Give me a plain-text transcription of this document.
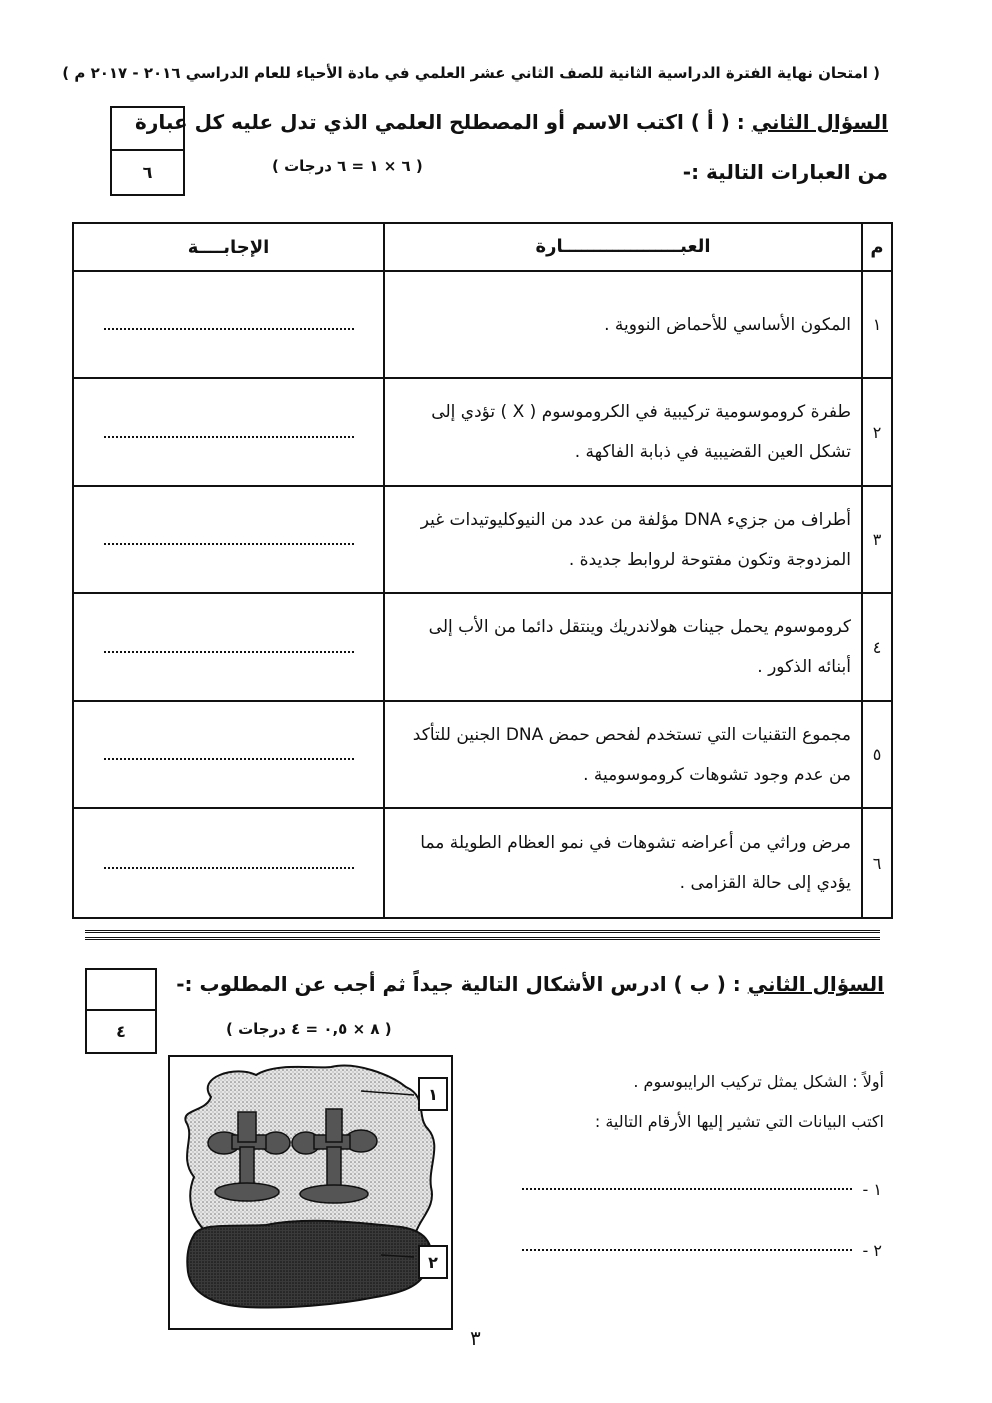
( امتحان نهاية الفترة الدراسية الثانية للصف الثاني عشر العلمي في مادة الأحياء للعام الدراسي ٢٠١٦ - ٢٠١٧ م )
٦
السؤال الثاني : ( أ ) اكتب الاسم أو المصطلح العلمي الذي تدل عليه كل عبارة
من العبارات التالية :-
( ٦ × ١ = ٦ درجات )
م	العبـــــــــــــــــــارة	الإجابــــة
١	المكون الأساسي للأحماض النووية .	
٢	طفرة كروموسومية تركيبية في الكروموسوم ( X ) تؤدي إلى تشكل العين القضيبية في ذبابة الفاكهة .	
٣	أطراف من جزيء DNA مؤلفة من عدد من النيوكليوتيدات غير المزدوجة وتكون مفتوحة لروابط جديدة .	
٤	كروموسوم يحمل جينات هولاندريك وينتقل دائما من الأب إلى أبنائه الذكور .	
٥	مجموع التقنيات التي تستخدم لفحص حمض DNA الجنين للتأكد من عدم وجود تشوهات كروموسومية .	
٦	مرض وراثي من أعراضه تشوهات في نمو العظام الطويلة مما يؤدي إلى حالة القزامى .	
٤
السؤال الثاني : ( ب ) ادرس الأشكال التالية جيداً ثم أجب عن المطلوب :-
( ٨ × ٠,٥ = ٤ درجات )
أولاً : الشكل يمثل تركيب الرايبوسوم .
اكتب البيانات التي تشير إليها الأرقام التالية :
١ -
٢ -
١
٢
٣
